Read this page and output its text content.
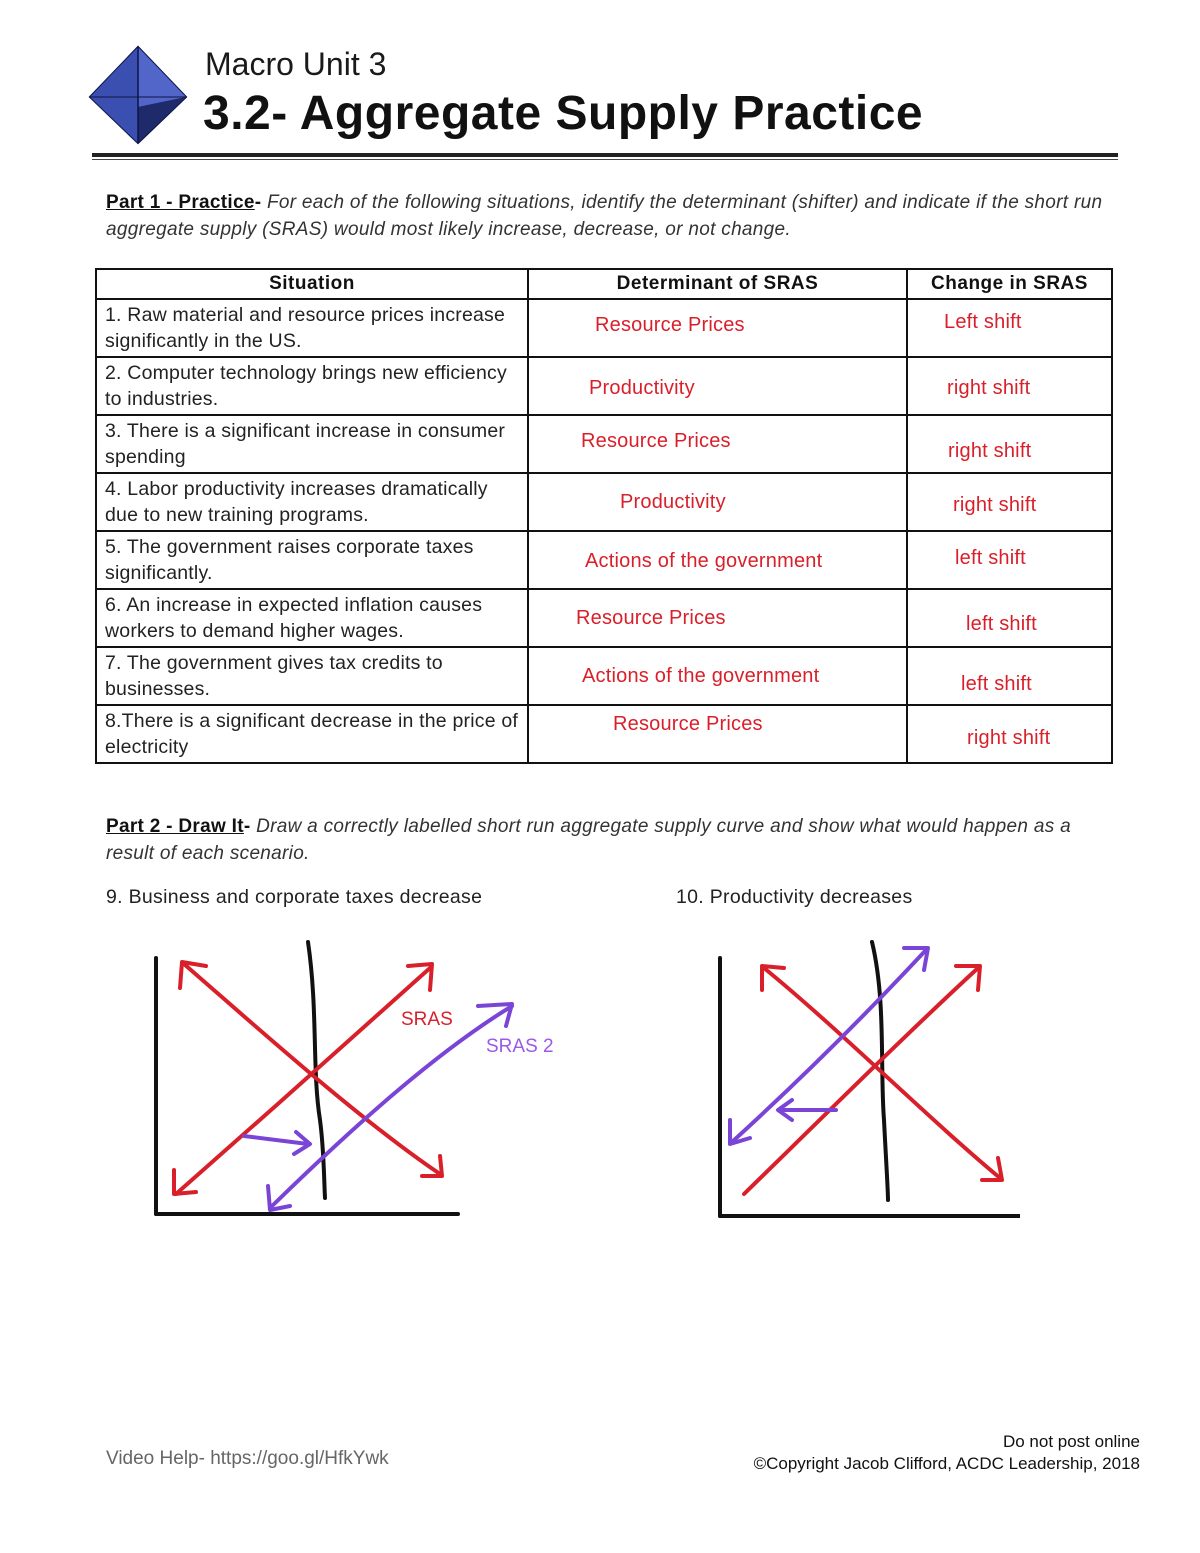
Macro Unit 3
3.2- Aggregate Supply Practice
Part 1 - Practice- For each of the following situations, identify the determinant (shifter) and indicate if the short run aggregate supply (SRAS) would most likely increase, decrease, or not change.
Situation	Determinant of SRAS	Change in SRAS

1. Raw material and resource prices increase significantly in the US.	Resource Prices	Left shift

2. Computer technology brings new efficiency to industries.	Productivity	right shift

3. There is a significant increase in consumer spending	Resource Prices	right shift

4. Labor productivity increases dramatically due to new training programs.	Productivity	right shift

5. The government raises corporate taxes significantly.	Actions of the government	left shift

6. An increase in expected inflation causes workers to demand higher wages.	Resource Prices	left shift

7. The government gives tax credits to businesses.	Actions of the government	left shift

8.There is a significant decrease in the price of electricity	Resource Prices	right shift
Part 2 - Draw It- Draw a correctly labelled short run aggregate supply curve and show what would happen as a result of each scenario.
9. Business and corporate taxes decrease	10. Productivity decreases
SRAS
SRAS 2
Video Help- https://goo.gl/HfkYwk
Do not post online
©Copyright Jacob Clifford, ACDC Leadership, 2018
